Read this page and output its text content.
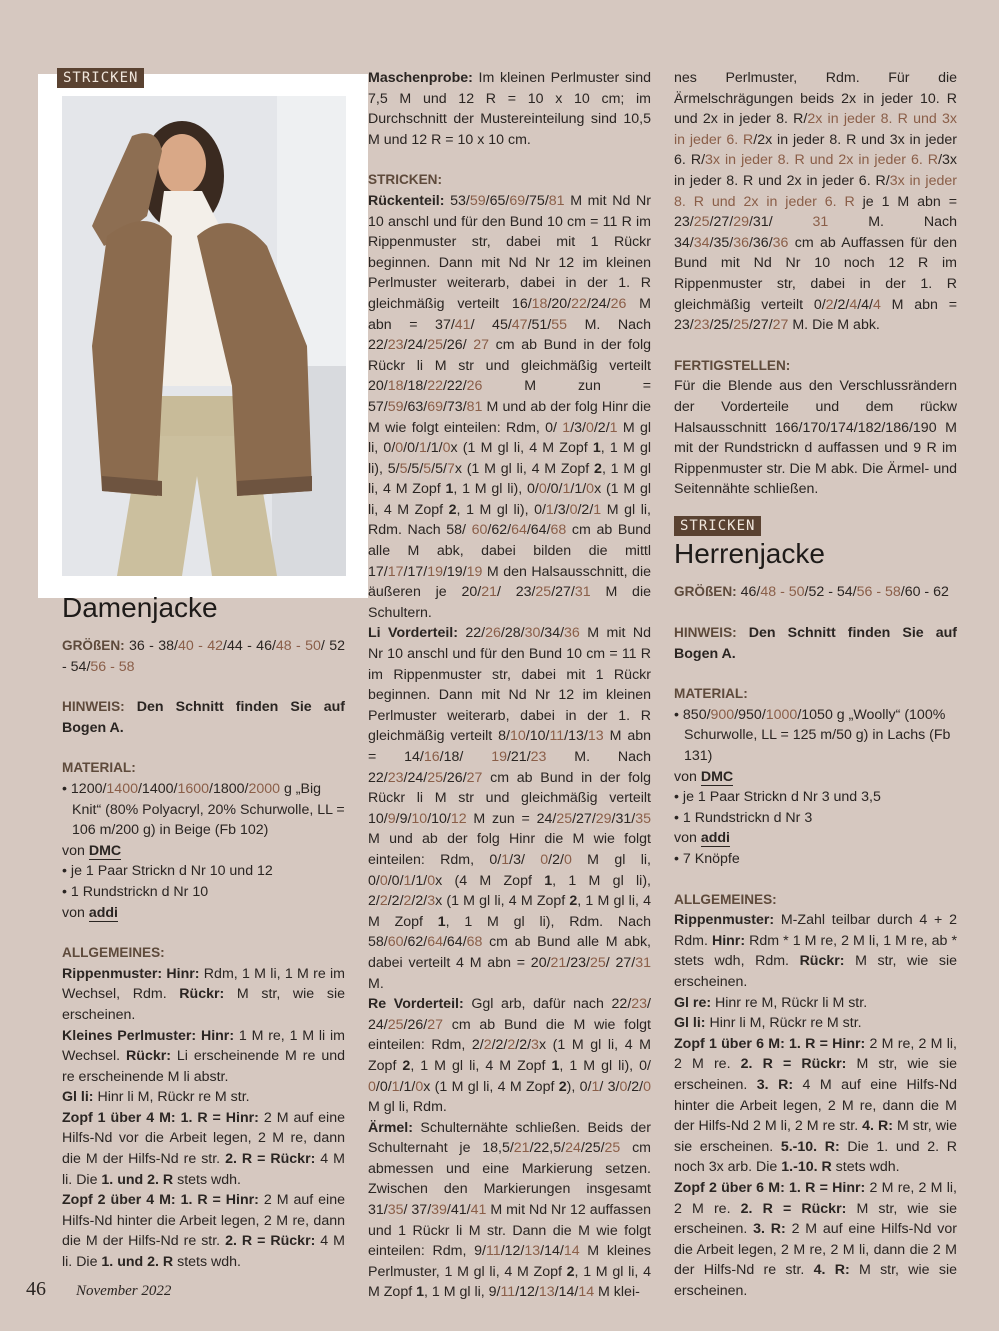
STRICKEN
Damenjacke

GRÖßEN: 36 - 38/40 - 42/44 - 46/48 - 50/ 52 - 54/56 - 58

HINWEIS: Den Schnitt finden Sie auf Bogen A.

MATERIAL:

• 1200/1400/1400/1600/1800/2000 g „Big Knit“ (80% Polyacryl, 20% Schurwolle, LL = 106 m/200 g) in Beige (Fb 102)

von DMC

• je 1 Paar Strickn d Nr 10 und 12
• 1 Rundstrickn d Nr 10

von addi

ALLGEMEINES:

Rippenmuster: Hinr: Rdm, 1 M li, 1 M re im Wechsel, Rdm. Rückr: M str, wie sie erscheinen.

Kleines Perlmuster: Hinr: 1 M re, 1 M li im Wechsel. Rückr: Li erscheinende M re und re erscheinende M li abstr.

Gl li: Hinr li M, Rückr re M str.

Zopf 1 über 4 M: 1. R = Hinr: 2 M auf eine Hilfs-Nd vor die Arbeit legen, 2 M re, dann die M der Hilfs-Nd re str. 2. R = Rückr: 4 M li. Die 1. und 2. R stets wdh.

Zopf 2 über 4 M: 1. R = Hinr: 2 M auf eine Hilfs-Nd hinter die Arbeit legen, 2 M re, dann die M der Hilfs-Nd re str. 2. R = Rückr: 4 M li. Die 1. und 2. R stets wdh.

Maschenprobe: Im kleinen Perlmuster sind 7,5 M und 12 R = 10 x 10 cm; im Durchschnitt der Mustereinteilung sind 10,5 M und 12 R = 10 x 10 cm.

STRICKEN:

Rückenteil: 53/59/65/69/75/81 M mit Nd Nr 10 anschl und für den Bund 10 cm = 11 R im Rippenmuster str, dabei mit 1 Rückr beginnen. Dann mit Nd Nr 12 im kleinen Perlmuster weiterarb, dabei in der 1. R gleichmäßig verteilt 16/18/20/22/24/26 M abn = 37/41/ 45/47/51/55 M. Nach 22/23/24/25/26/ 27 cm ab Bund in der folg Rückr li M str und gleichmäßig verteilt 20/18/18/22/22/26 M zun = 57/59/63/69/73/81 M und ab der folg Hinr die M wie folgt einteilen: Rdm, 0/ 1/3/0/2/1 M gl li, 0/0/0/1/1/0x (1 M gl li, 4 M Zopf 1, 1 M gl li), 5/5/5/5/5/7x (1 M gl li, 4 M Zopf 2, 1 M gl li, 4 M Zopf 1, 1 M gl li), 0/0/0/1/1/0x (1 M gl li, 4 M Zopf 2, 1 M gl li), 0/1/3/0/2/1 M gl li, Rdm. Nach 58/ 60/62/64/64/68 cm ab Bund alle M abk, dabei bilden die mittl 17/17/17/19/19/19 M den Halsausschnitt, die äußeren je 20/21/ 23/25/27/31 M die Schultern.

Li Vorderteil: 22/26/28/30/34/36 M mit Nd Nr 10 anschl und für den Bund 10 cm = 11 R im Rippenmuster str, dabei mit 1 Rückr beginnen. Dann mit Nd Nr 12 im kleinen Perlmuster weiterarb, dabei in der 1. R gleichmäßig verteilt 8/10/10/11/13/13 M abn = 14/16/18/ 19/21/23 M. Nach 22/23/24/25/26/27 cm ab Bund in der folg Rückr li M str und gleichmäßig verteilt 10/9/9/10/10/12 M zun = 24/25/27/29/31/35 M und ab der folg Hinr die M wie folgt einteilen: Rdm, 0/1/3/ 0/2/0 M gl li, 0/0/0/1/1/0x (4 M Zopf 1, 1 M gl li), 2/2/2/2/2/3x (1 M gl li, 4 M Zopf 2, 1 M gl li, 4 M Zopf 1, 1 M gl li), Rdm. Nach 58/60/62/64/64/68 cm ab Bund alle M abk, dabei verteilt 4 M abn = 20/21/23/25/ 27/31 M.

Re Vorderteil: Ggl arb, dafür nach 22/23/ 24/25/26/27 cm ab Bund die M wie folgt einteilen: Rdm, 2/2/2/2/2/3x (1 M gl li, 4 M Zopf 2, 1 M gl li, 4 M Zopf 1, 1 M gl li), 0/ 0/0/1/1/0x (1 M gl li, 4 M Zopf 2), 0/1/ 3/0/2/0 M gl li, Rdm.

Ärmel: Schulternähte schließen. Beids der Schulternaht je 18,5/21/22,5/24/25/25 cm abmessen und eine Markierung setzen. Zwischen den Markierungen insgesamt 31/35/ 37/39/41/41 M mit Nd Nr 12 auffassen und 1 Rückr li M str. Dann die M wie folgt einteilen: Rdm, 9/11/12/13/14/14 M kleines Perlmuster, 1 M gl li, 4 M Zopf 2, 1 M gl li, 4 M Zopf 1, 1 M gl li, 9/11/12/13/14/14 M klei-

nes Perlmuster, Rdm. Für die Ärmelschrägungen beids 2x in jeder 10. R und 2x in jeder 8. R/2x in jeder 8. R und 3x in jeder 6. R/2x in jeder 8. R und 3x in jeder 6. R/3x in jeder 8. R und 2x in jeder 6. R/3x in jeder 8. R und 2x in jeder 6. R/3x in jeder 8. R und 2x in jeder 6. R je 1 M abn = 23/25/27/29/31/ 31 M. Nach 34/34/35/36/36/36 cm ab Auffassen für den Bund mit Nd Nr 10 noch 12 R im Rippenmuster str, dabei in der 1. R gleichmäßig verteilt 0/2/2/4/4/4 M abn = 23/23/25/25/27/27 M. Die M abk.

FERTIGSTELLEN:

Für die Blende aus den Verschlussrändern der Vorderteile und dem rückw Halsausschnitt 166/170/174/182/186/190 M mit der Rundstrickn d auffassen und 9 R im Rippenmuster str. Die M abk. Die Ärmel- und Seitennähte schließen.

STRICKEN
Herrenjacke

GRÖßEN: 46/48 - 50/52 - 54/56 - 58/60 - 62

HINWEIS: Den Schnitt finden Sie auf Bogen A.

MATERIAL:

• 850/900/950/1000/1050 g „Woolly“ (100% Schurwolle, LL = 125 m/50 g) in Lachs (Fb 131)

von DMC

• je 1 Paar Strickn d Nr 3 und 3,5
• 1 Rundstrickn d Nr 3

von addi

• 7 Knöpfe

ALLGEMEINES:

Rippenmuster: M-Zahl teilbar durch 4 + 2 Rdm. Hinr: Rdm * 1 M re, 2 M li, 1 M re, ab * stets wdh, Rdm. Rückr: M str, wie sie erscheinen.

Gl re: Hinr re M, Rückr li M str.

Gl li: Hinr li M, Rückr re M str.

Zopf 1 über 6 M: 1. R = Hinr: 2 M re, 2 M li, 2 M re. 2. R = Rückr: M str, wie sie erscheinen. 3. R: 4 M auf eine Hilfs-Nd hinter die Arbeit legen, 2 M re, dann die M der Hilfs-Nd 2 M li, 2 M re str. 4. R: M str, wie sie erscheinen. 5.-10. R: Die 1. und 2. R noch 3x arb. Die 1.-10. R stets wdh.

Zopf 2 über 6 M: 1. R = Hinr: 2 M re, 2 M li, 2 M re. 2. R = Rückr: M str, wie sie erscheinen. 3. R: 2 M auf eine Hilfs-Nd vor die Arbeit legen, 2 M re, 2 M li, dann die 2 M der Hilfs-Nd re str. 4. R: M str, wie sie erscheinen.

46 November 2022
